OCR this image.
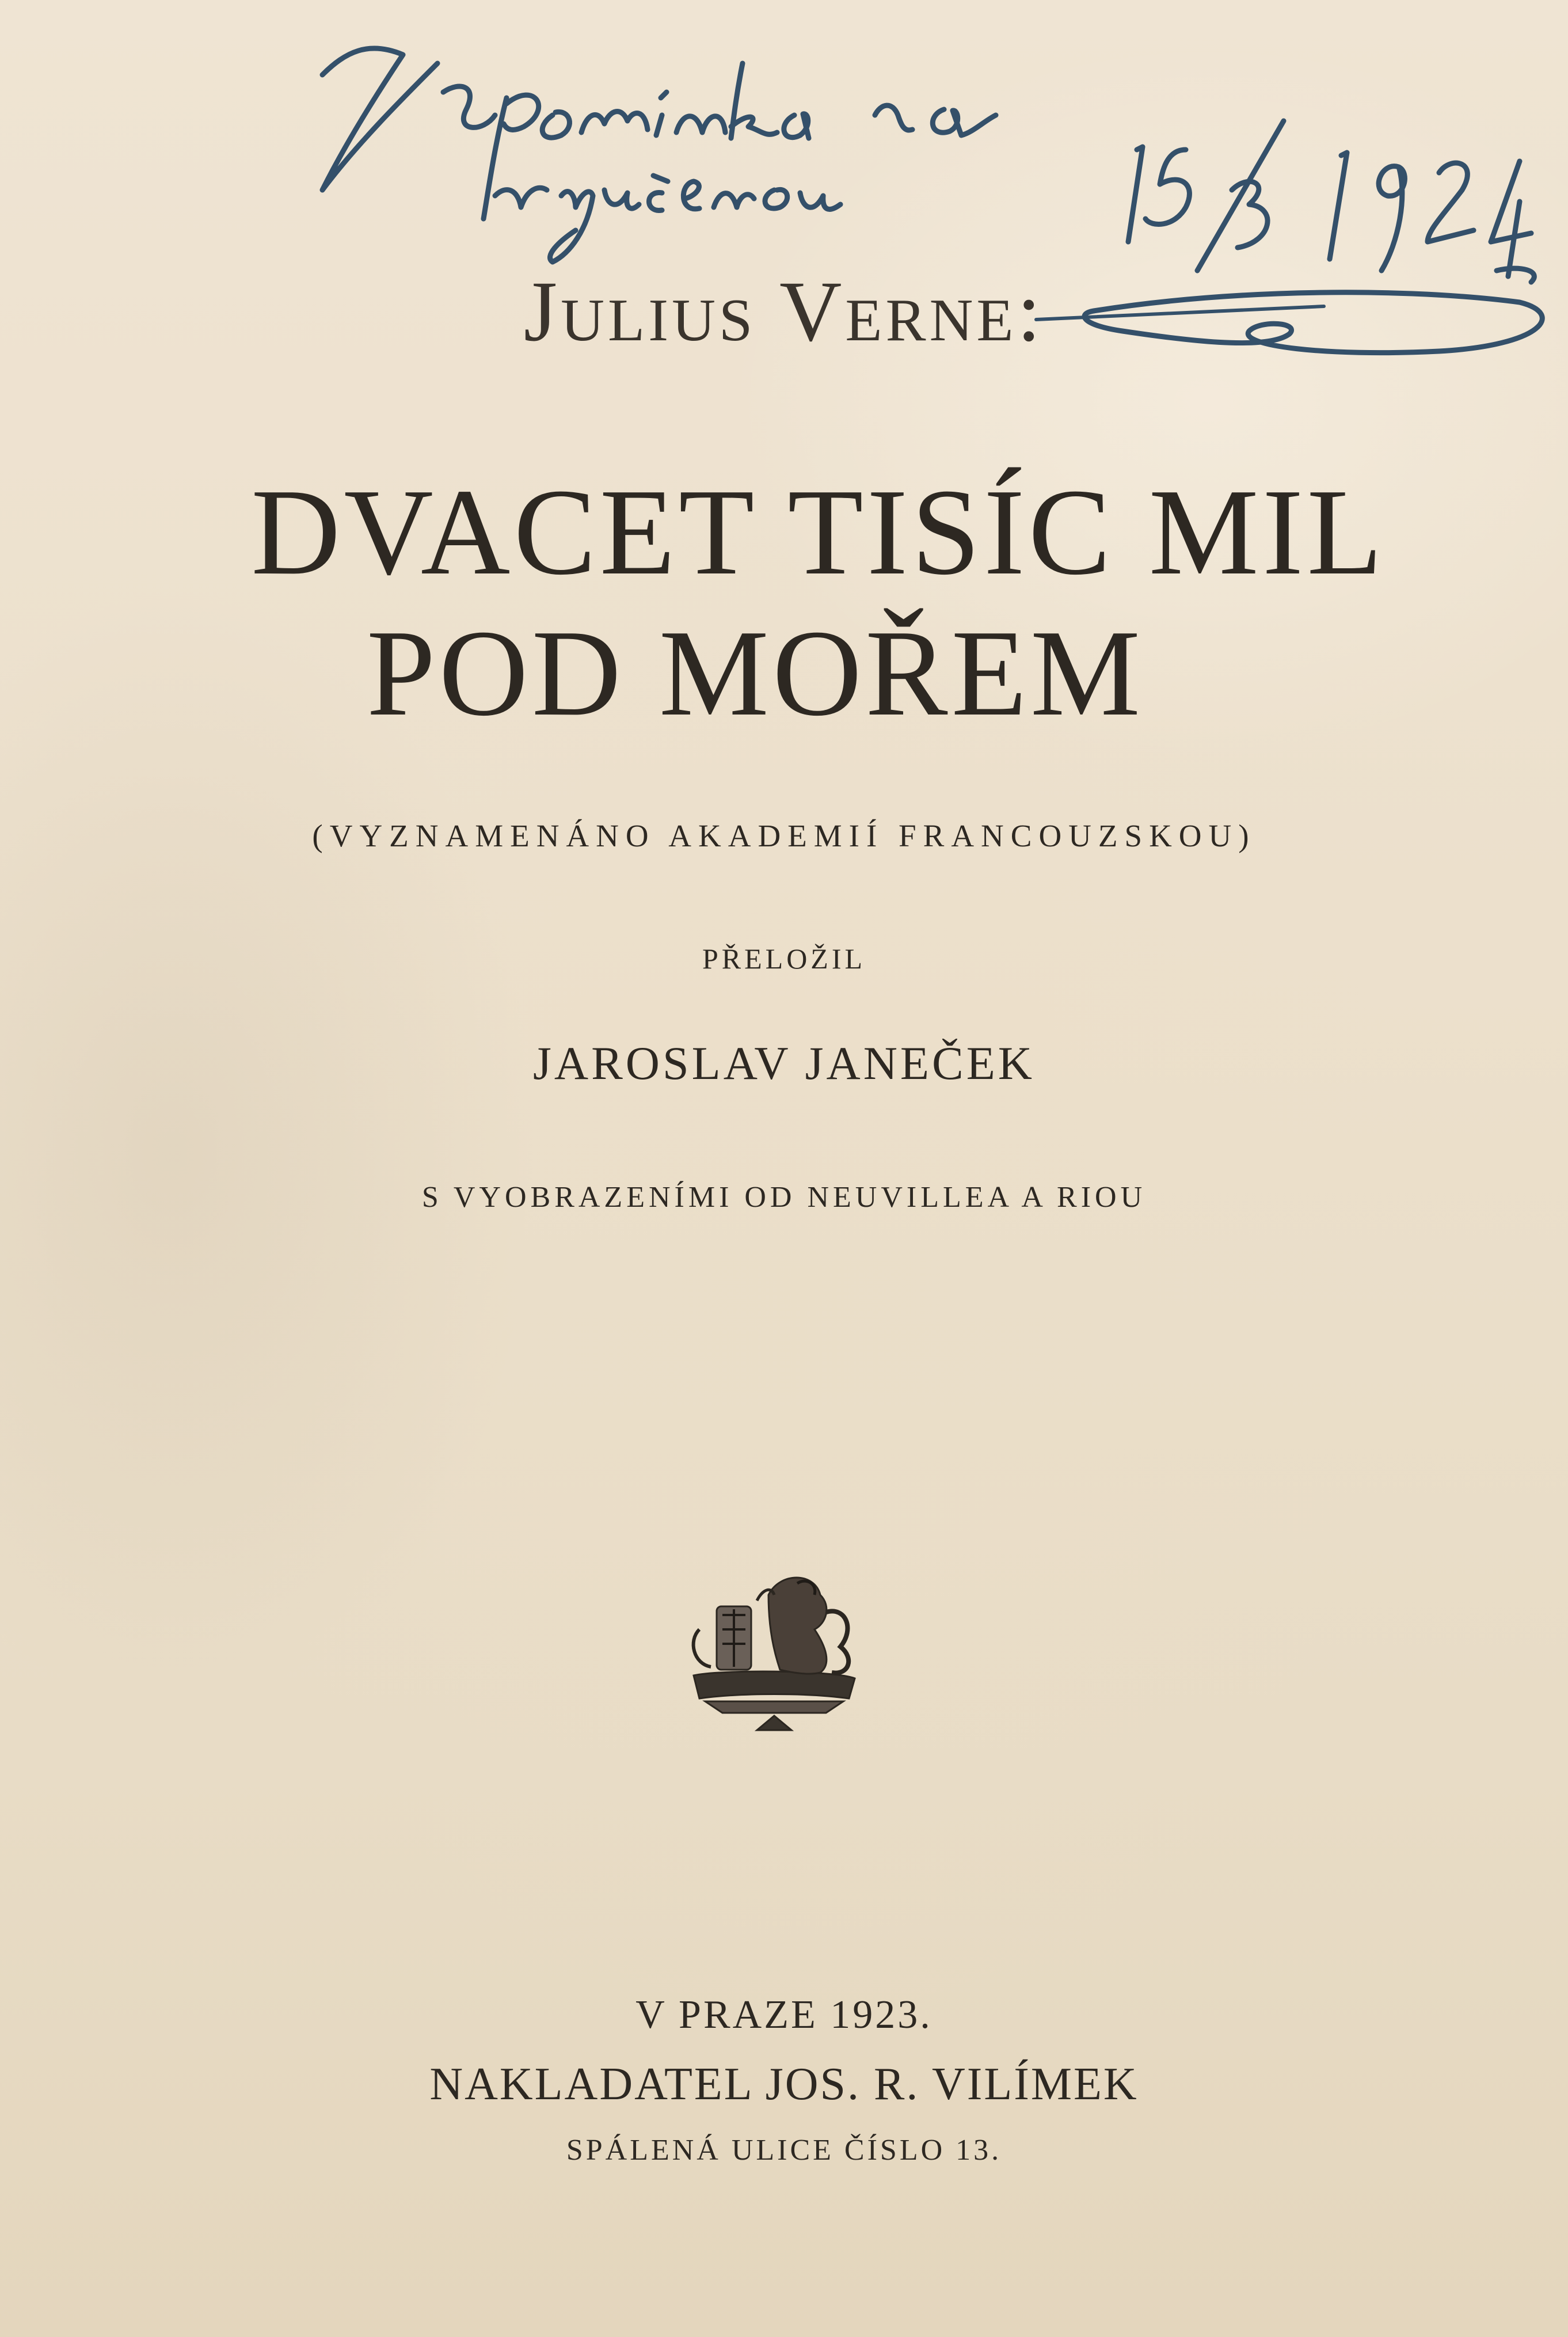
Julius Verne:
DVACET TISÍC MIL
POD MOŘEM
(VYZNAMENÁNO AKADEMIÍ FRANCOUZSKOU)
PŘELOŽIL
JAROSLAV JANEČEK
S VYOBRAZENÍMI OD NEUVILLEA A RIOU
V PRAZE 1923.
NAKLADATEL JOS. R. VILÍMEK
SPÁLENÁ ULICE ČÍSLO 13.
